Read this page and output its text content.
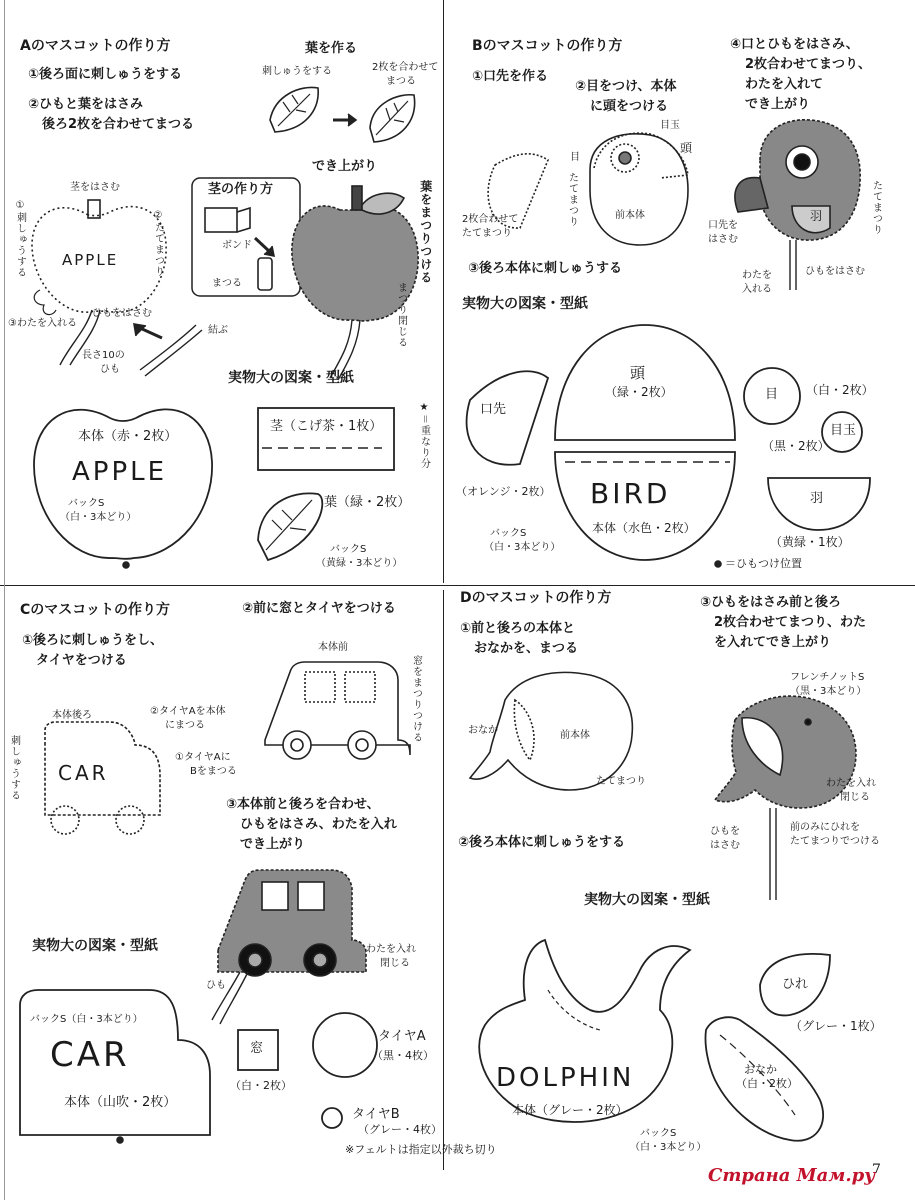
Aのマスコットの作り方
①後ろ面に刺しゅうをする
②ひもと葉をはさみ
後ろ2枚を合わせてまつる
葉を作る
刺しゅうをする	2枚を合わせて
まつる
茎をはさむ
①刺しゅうする	②たてまつり
APPLE
ひもをはさむ
③わたを入れる
茎の作り方
ボンド
まつる
結ぶ
長さ10の
ひも
でき上がり
葉をまつりつける
まつり閉じる
実物大の図案・型紙
本体（赤・2枚）
APPLE
バックS
（白・3本どり）
茎（こげ茶・1枚）	★＝重なり分
葉（緑・2枚）
バックS
（黄緑・3本どり）
Bのマスコットの作り方
①口先を作る
②目をつけ、本体
に頭をつける
④口とひもをはさみ、
2枚合わせてまつり、
わたを入れて
でき上がり
目玉
頭
目
たてまつり	前本体
2枚合わせて
たてまつり	たてまつり
羽
口先を
はさむ
わたを
入れる
ひもをはさむ
③後ろ本体に刺しゅうする
実物大の図案・型紙
頭
（緑・2枚）
口先
（オレンジ・2枚） BIRD
本体（水色・2枚）
バックS
（白・3本どり）
目 （白・2枚）
目玉
（黒・2枚）
羽
（黄緑・1枚）
＝ひもつけ位置
Cのマスコットの作り方
①後ろに刺しゅうをし、
タイヤをつける
②前に窓とタイヤをつける
本体後ろ
刺しゅうする CAR
②タイヤAを本体
にまつる
①タイヤAに
Bをまつる
本体前
窓をまつりつける
③本体前と後ろを合わせ、
ひもをはさみ、わたを入れ
でき上がり
わたを入れ
閉じる
ひも
実物大の図案・型紙
バックS（白・3本どり）
CAR
本体（山吹・2枚）
窓
（白・2枚）
タイヤA
（黒・4枚）
タイヤB
（グレー・4枚）
※フェルトは指定以外裁ち切り
Dのマスコットの作り方
①前と後ろの本体と
おなかを、まつる
③ひもをはさみ前と後ろ
2枚合わせてまつり、わた
を入れてでき上がり
おなか	前本体
たてまつり
フレンチノットS
（黒・3本どり）
わたを入れ
閉じる
ひもを
はさむ
前のみにひれを
たてまつりでつける
②後ろ本体に刺しゅうをする
実物大の図案・型紙
ひれ
（グレー・1枚）
おなか
（白・2枚）
DOLPHIN
本体（グレー・2枚）
バックS
（白・3本どり）
7
Страна Мам.ру
